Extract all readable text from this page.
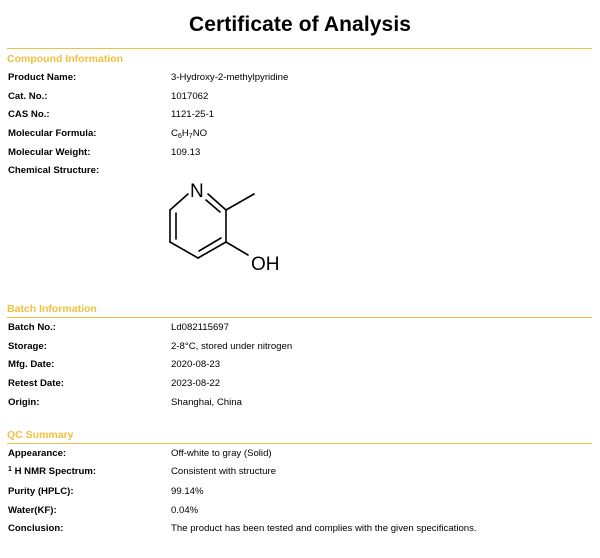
Certificate of Analysis
Compound Information
Product Name:	3-Hydroxy-2-methylpyridine
Cat. No.:	1017062
CAS No.:	1121-25-1
Molecular Formula:	$C_6H_7NO$
Molecular Weight:	109.13
Chemical Structure:
N
OH
Batch Information
Batch No.:	Ld082115697
Storage:	2-8°C, stored under nitrogen
Mfg. Date:	2020-08-23
Retest Date:	2023-08-22
Origin:	Shanghai, China
QC Summary
Appearance:	Off-white to gray (Solid)
$^1$ H NMR Spectrum:	Consistent with structure
Purity (HPLC):	99.14%
Water(KF):	0.04%
Conclusion:	The product has been tested and complies with the given specifications.
